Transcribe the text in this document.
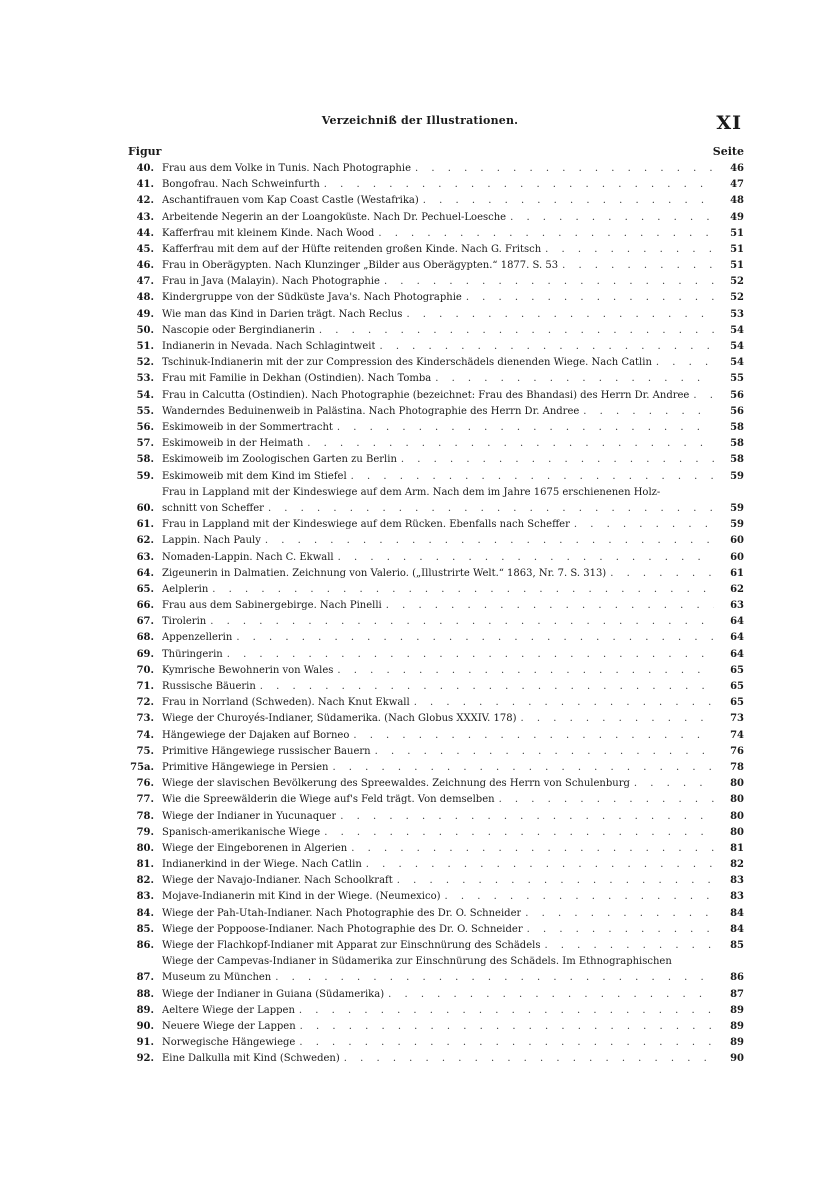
Verzeichniß der Illustrationen.	XI
Figur	Seite
40. Frau aus dem Volke in Tunis. Nach Photographie . . .	46
41. Bongofrau. Nach Schweinfurth . . .	47
42. Aschantifrauen vom Kap Coast Castle (Westafrika) . . .	48
43. Arbeitende Negerin an der Loangoküste. Nach Dr. Pechuel-Loesche . . .	49
44. Kafferfrau mit kleinem Kinde. Nach Wood . . .	51
45. Kafferfrau mit dem auf der Hüfte reitenden großen Kinde. Nach G. Fritsch . . .	51
46. Frau in Oberägypten. Nach Klunzinger „Bilder aus Oberägypten.“ 1877. S. 53 . . .	51
47. Frau in Java (Malayin). Nach Photographie . . .	52
48. Kindergruppe von der Südküste Java's. Nach Photographie . . .	52
49. Wie man das Kind in Darien trägt. Nach Reclus . . .	53
50. Nascopie oder Bergindianerin . . .	54
51. Indianerin in Nevada. Nach Schlagintweit . . .	54
52. Tschinuk-Indianerin mit der zur Compression des Kinderschädels dienenden Wiege. Nach Catlin . . .	54
53. Frau mit Familie in Dekhan (Ostindien). Nach Tomba . . .	55
54. Frau in Calcutta (Ostindien). Nach Photographie (bezeichnet: Frau des Bhandasi) des Herrn Dr. Andree . . .	56
55. Wanderndes Beduinenweib in Palästina. Nach Photographie des Herrn Dr. Andree . . .	56
56. Eskimoweib in der Sommertracht . . .	58
57. Eskimoweib in der Heimath . . .	58
58. Eskimoweib im Zoologischen Garten zu Berlin . . .	58
59. Eskimoweib mit dem Kind im Stiefel . . .	59
60.
Frau in Lappland mit der Kindeswiege auf dem Arm. Nach dem im Jahre 1675 erschienenen Holz-
schnitt von Scheffer . . .	59
61. Frau in Lappland mit der Kindeswiege auf dem Rücken. Ebenfalls nach Scheffer . . .	59
62. Lappin. Nach Pauly . . .	60
63. Nomaden-Lappin. Nach C. Ekwall . . .	60
64. Zigeunerin in Dalmatien. Zeichnung von Valerio. („Illustrirte Welt.“ 1863, Nr. 7. S. 313) . . .	61
65. Aelplerin . . .	62
66. Frau aus dem Sabinergebirge. Nach Pinelli . . .	63
67. Tirolerin . . .	64
68. Appenzellerin . . .	64
69. Thüringerin . . .	64
70. Kymrische Bewohnerin von Wales . . .	65
71. Russische Bäuerin . . .	65
72. Frau in Norrland (Schweden). Nach Knut Ekwall . . .	65
73. Wiege der Churoyés-Indianer, Südamerika. (Nach Globus XXXIV. 178) . . .	73
74. Hängewiege der Dajaken auf Borneo . . .	74
75. Primitive Hängewiege russischer Bauern . . .	76
75a. Primitive Hängewiege in Persien . . .	78
76. Wiege der slavischen Bevölkerung des Spreewaldes. Zeichnung des Herrn von Schulenburg . . .	80
77. Wie die Spreewälderin die Wiege auf's Feld trägt. Von demselben . . .	80
78. Wiege der Indianer in Yucunaquer . . .	80
79. Spanisch-amerikanische Wiege . . .	80
80. Wiege der Eingeborenen in Algerien . . .	81
81. Indianerkind in der Wiege. Nach Catlin . . .	82
82. Wiege der Navajo-Indianer. Nach Schoolkraft . . .	83
83. Mojave-Indianerin mit Kind in der Wiege. (Neumexico) . . .	83
84. Wiege der Pah-Utah-Indianer. Nach Photographie des Dr. O. Schneider . . .	84
85. Wiege der Poppoose-Indianer. Nach Photographie des Dr. O. Schneider . . .	84
86. Wiege der Flachkopf-Indianer mit Apparat zur Einschnürung des Schädels . . .	85
87.
Wiege der Campevas-Indianer in Südamerika zur Einschnürung des Schädels. Im Ethnographischen
Museum zu München . . .	86
88. Wiege der Indianer in Guiana (Südamerika) . . .	87
89. Aeltere Wiege der Lappen . . .	89
90. Neuere Wiege der Lappen . . .	89
91. Norwegische Hängewiege . . .	89
92. Eine Dalkulla mit Kind (Schweden) . . .	90
